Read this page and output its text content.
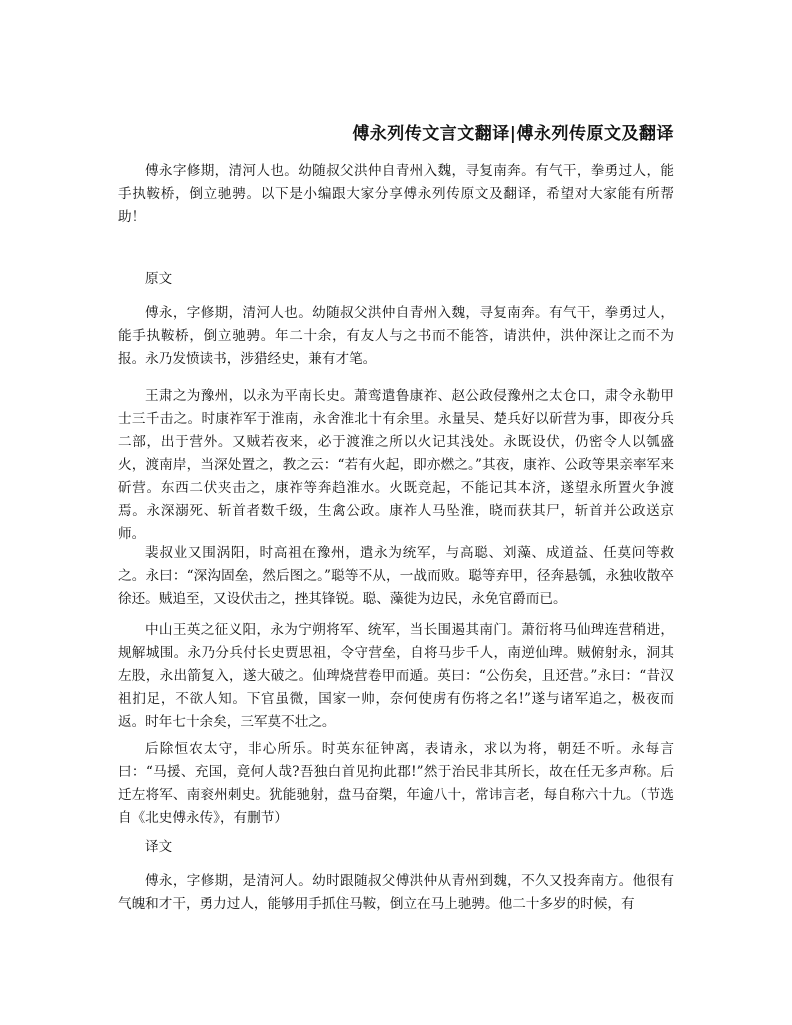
傅永列传文言文翻译|傅永列传原文及翻译

傅永字修期，清河人也。幼随叔父洪仲自青州入魏，寻复南奔。有气干，拳勇过人，能手执鞍桥，倒立驰骋。以下是小编跟大家分享傅永列传原文及翻译，希望对大家能有所帮助！

原文

傅永，字修期，清河人也。幼随叔父洪仲自青州入魏，寻复南奔。有气干，拳勇过人，能手执鞍桥，倒立驰骋。年二十余，有友人与之书而不能答，请洪仲，洪仲深让之而不为报。永乃发愤读书，涉猎经史，兼有才笔。

王肃之为豫州，以永为平南长史。萧鸾遣鲁康祚、赵公政侵豫州之太仓口，肃令永勒甲士三千击之。时康祚军于淮南，永舍淮北十有余里。永量吴、楚兵好以斫营为事，即夜分兵二部，出于营外。又贼若夜来，必于渡淮之所以火记其浅处。永既设伏，仍密令人以瓠盛火，渡南岸，当深处置之，教之云：“若有火起，即亦燃之。”其夜，康祚、公政等果亲率军来斫营。东西二伏夹击之，康祚等奔趋淮水。火既竞起，不能记其本济，遂望永所置火争渡焉。永深溺死、斩首者数千级，生禽公政。康祚人马坠淮，晓而获其尸，斩首并公政送京师。

裴叔业又围涡阳，时高祖在豫州，遣永为统军，与高聪、刘藻、成道益、任莫问等救之。永曰：“深沟固垒，然后图之。”聪等不从，一战而败。聪等弃甲，径奔悬瓠，永独收散卒徐还。贼追至，又设伏击之，挫其锋锐。聪、藻徙为边民，永免官爵而已。

中山王英之征义阳，永为宁朔将军、统军，当长围遏其南门。萧衍将马仙琕连营稍进，规解城围。永乃分兵付长史贾思祖，令守营垒，自将马步千人，南逆仙琕。贼俯射永，洞其左股，永出箭复入，遂大破之。仙琕烧营卷甲而遁。英曰：“公伤矣，且还营。”永曰：“昔汉祖扪足，不欲人知。下官虽微，国家一帅，奈何使虏有伤将之名!”遂与诸军追之，极夜而返。时年七十余矣，三军莫不壮之。

后除恒农太守，非心所乐。时英东征钟离，表请永，求以为将，朝廷不听。永每言曰：“马援、充国，竟何人哉?吾独白首见拘此郡!”然于治民非其所长，故在任无多声称。后迁左将军、南衮州刺史。犹能驰射，盘马奋槊，年逾八十，常讳言老，每自称六十九。（节选自《北史傅永传》，有删节）

译文

傅永，字修期，是清河人。幼时跟随叔父傅洪仲从青州到魏，不久又投奔南方。他很有气魄和才干，勇力过人，能够用手抓住马鞍，倒立在马上驰骋。他二十多岁的时候，有
